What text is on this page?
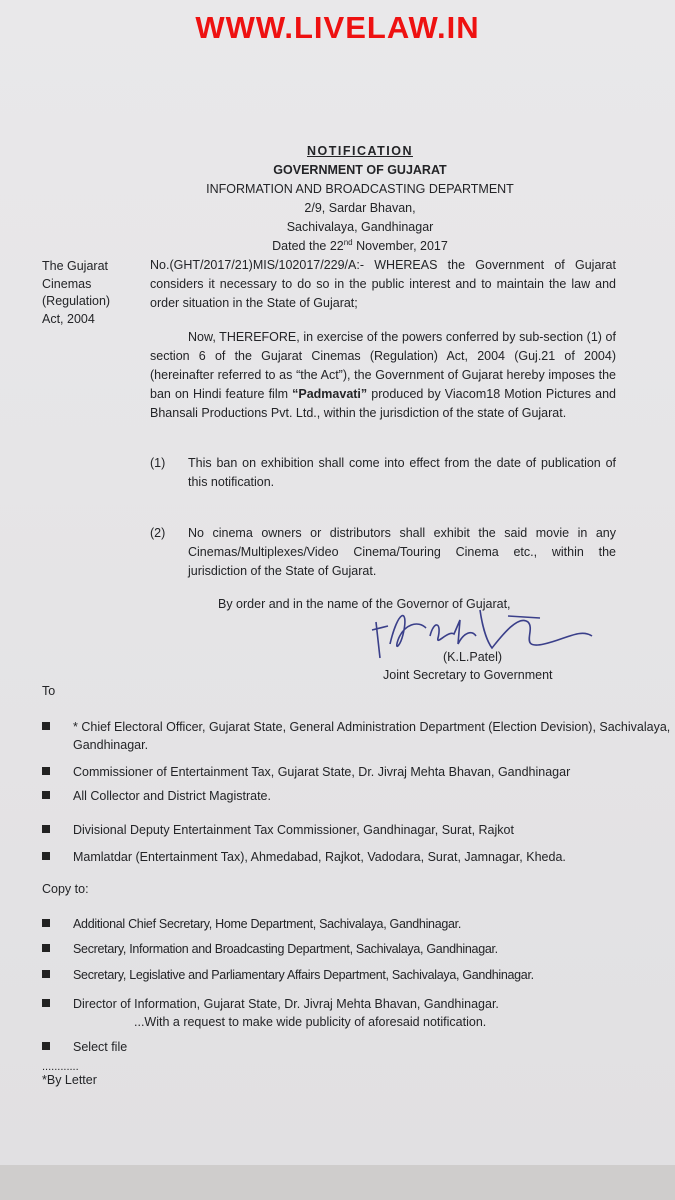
WWW.LIVELAW.IN
NOTIFICATION
GOVERNMENT OF GUJARAT
INFORMATION AND BROADCASTING DEPARTMENT
2/9, Sardar Bhavan,
Sachivalaya, Gandhinagar
Dated the 22nd November, 2017
The Gujarat
Cinemas
(Regulation)
Act, 2004
No.(GHT/2017/21)MIS/102017/229/A:- WHEREAS the Government of Gujarat considers it necessary to do so in the public interest and to maintain the law and order situation in the State of Gujarat;
Now, THEREFORE, in exercise of the powers conferred by sub-section (1) of section 6 of the Gujarat Cinemas (Regulation) Act, 2004 (Guj.21 of 2004) (hereinafter referred to as “the Act”), the Government of Gujarat hereby imposes the ban on Hindi feature film “Padmavati” produced by Viacom18 Motion Pictures and Bhansali Productions Pvt. Ltd., within the jurisdiction of the state of Gujarat.
(1) This ban on exhibition shall come into effect from the date of publication of this notification.
(2) No cinema owners or distributors shall exhibit the said movie in any Cinemas/Multiplexes/Video Cinema/Touring Cinema etc., within the jurisdiction of the State of Gujarat.
By order and in the name of the Governor of Gujarat,
(K.L.Patel)
Joint Secretary to Government
To
* Chief Electoral Officer, Gujarat State, General Administration Department (Election Devision), Sachivalaya, Gandhinagar.
Commissioner of Entertainment Tax, Gujarat State, Dr. Jivraj Mehta Bhavan, Gandhinagar
All Collector and District Magistrate.
Divisional Deputy Entertainment Tax Commissioner, Gandhinagar, Surat, Rajkot
Mamlatdar (Entertainment Tax), Ahmedabad, Rajkot, Vadodara, Surat, Jamnagar, Kheda.
Copy to:
Additional Chief Secretary, Home Department, Sachivalaya, Gandhinagar.
Secretary, Information and Broadcasting Department, Sachivalaya, Gandhinagar.
Secretary, Legislative and Parliamentary Affairs Department, Sachivalaya, Gandhinagar.
Director of Information, Gujarat State, Dr. Jivraj Mehta Bhavan, Gandhinagar.
...With a request to make wide publicity of aforesaid notification.
Select file
............
*By Letter
